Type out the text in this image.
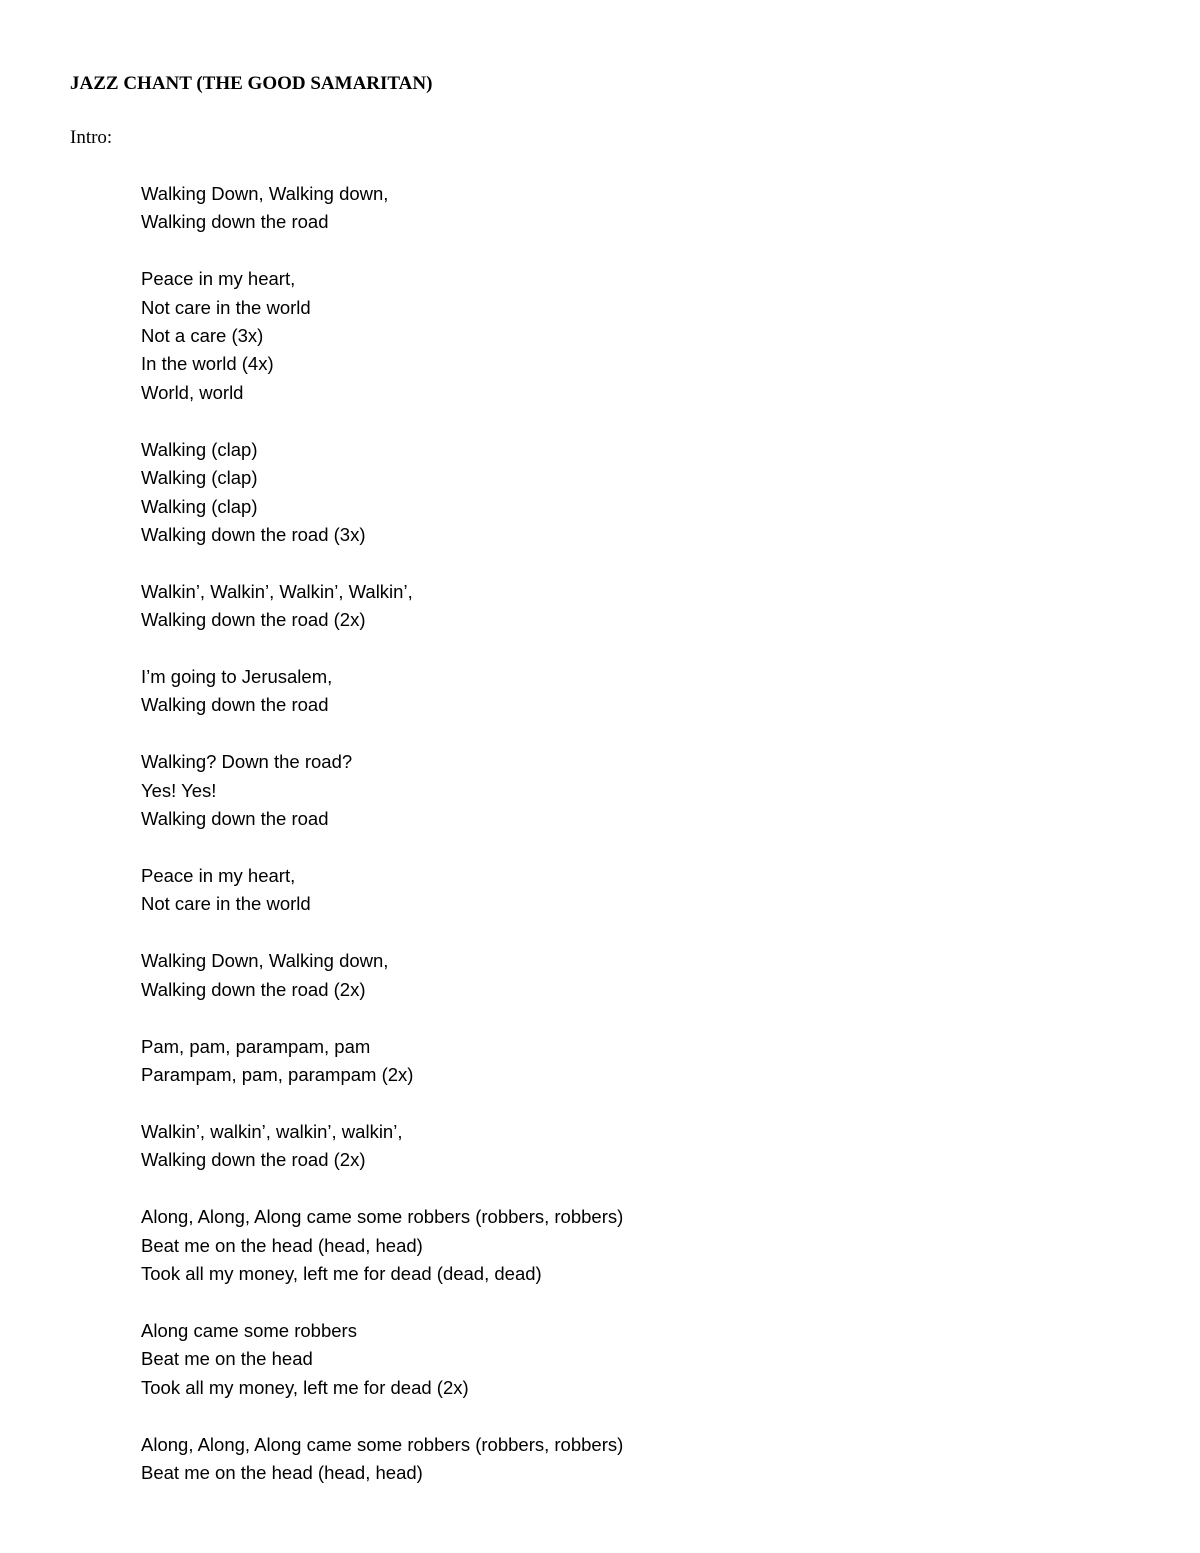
JAZZ CHANT (THE GOOD SAMARITAN)
Intro:
Walking Down, Walking down,
Walking down the road
Peace in my heart,
Not care in the world
Not a care (3x)
In the world (4x)
World, world
Walking (clap)
Walking (clap)
Walking (clap)
Walking down the road (3x)
Walkin’, Walkin’, Walkin’, Walkin’,
Walking down the road (2x)
I’m going to Jerusalem,
Walking down the road
Walking? Down the road?
Yes! Yes!
Walking down the road
Peace in my heart,
Not care in the world
Walking Down, Walking down,
Walking down the road (2x)
Pam, pam, parampam, pam
Parampam, pam, parampam (2x)
Walkin’, walkin’, walkin’, walkin’,
Walking down the road (2x)
Along, Along, Along came some robbers (robbers, robbers)
Beat me on the head (head, head)
Took all my money, left me for dead (dead, dead)
Along came some robbers
Beat me on the head
Took all my money, left me for dead (2x)
Along, Along, Along came some robbers (robbers, robbers)
Beat me on the head (head, head)
